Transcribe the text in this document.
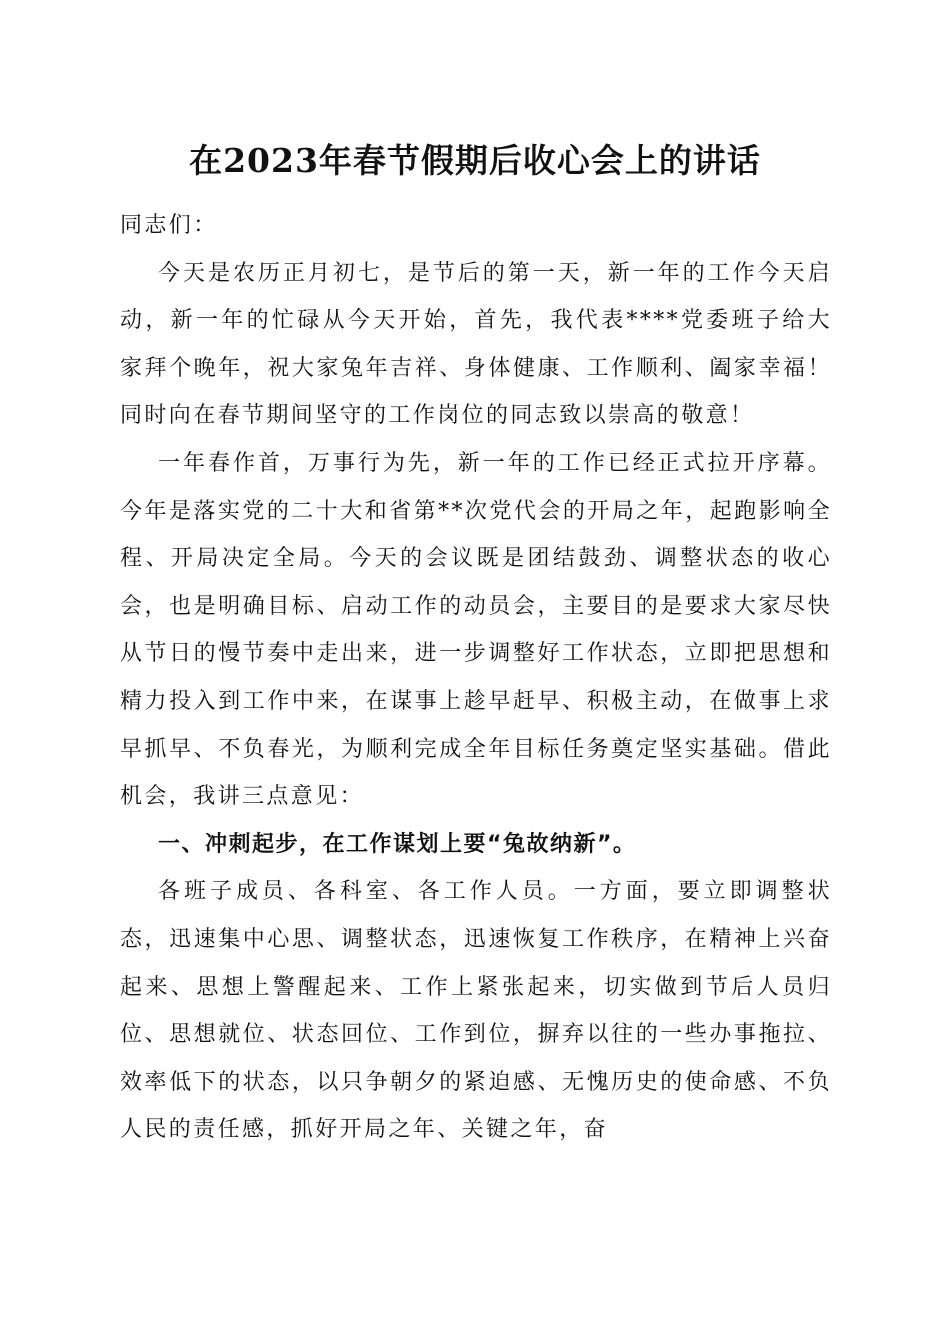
在2023年春节假期后收心会上的讲话

同志们：

今天是农历正月初七，是节后的第一天，新一年的工作今天启动，新一年的忙碌从今天开始，首先，我代表****党委班子给大家拜个晚年，祝大家兔年吉祥、身体健康、工作顺利、阖家幸福！同时向在春节期间坚守的工作岗位的同志致以崇高的敬意！

一年春作首，万事行为先，新一年的工作已经正式拉开序幕。今年是落实党的二十大和省第**次党代会的开局之年，起跑影响全程、开局决定全局。今天的会议既是团结鼓劲、调整状态的收心会，也是明确目标、启动工作的动员会，主要目的是要求大家尽快从节日的慢节奏中走出来，进一步调整好工作状态，立即把思想和精力投入到工作中来，在谋事上趁早赶早、积极主动，在做事上求早抓早、不负春光，为顺利完成全年目标任务奠定坚实基础。借此机会，我讲三点意见：

一、冲刺起步，在工作谋划上要“兔故纳新”。

各班子成员、各科室、各工作人员。一方面，要立即调整状态，迅速集中心思、调整状态，迅速恢复工作秩序，在精神上兴奋起来、思想上警醒起来、工作上紧张起来，切实做到节后人员归位、思想就位、状态回位、工作到位，摒弃以往的一些办事拖拉、效率低下的状态，以只争朝夕的紧迫感、无愧历史的使命感、不负人民的责任感，抓好开局之年、关键之年，奋
